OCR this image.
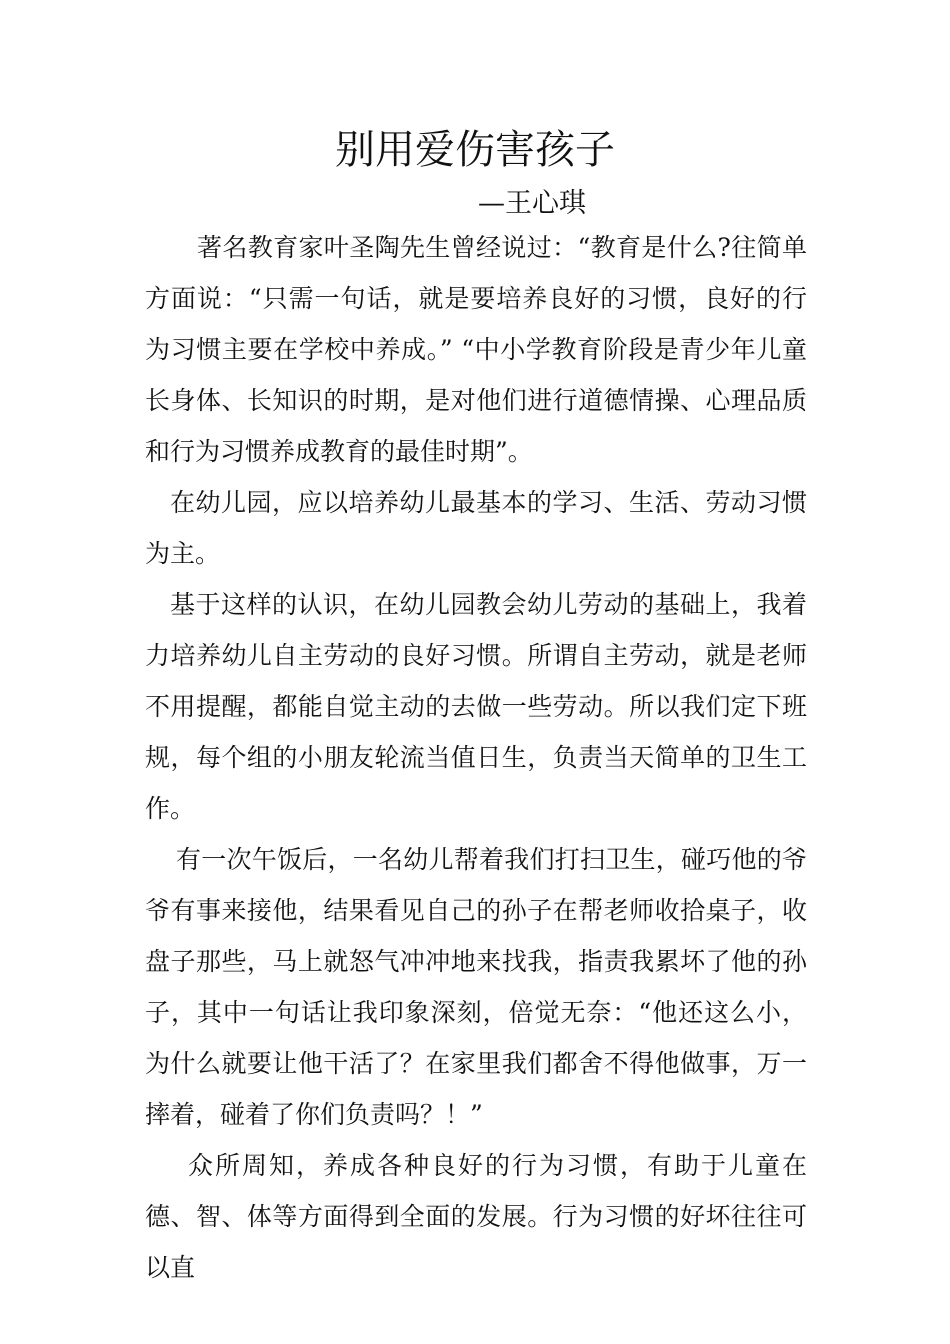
别用爱伤害孩子
—王心琪

著名教育家叶圣陶先生曾经说过：“教育是什么?往简单方面说：“只需一句话，就是要培养良好的习惯，良好的行为习惯主要在学校中养成。” “中小学教育阶段是青少年儿童长身体、长知识的时期，是对他们进行道德情操、心理品质和行为习惯养成教育的最佳时期”。

在幼儿园，应以培养幼儿最基本的学习、生活、劳动习惯为主。

基于这样的认识，在幼儿园教会幼儿劳动的基础上，我着力培养幼儿自主劳动的良好习惯。所谓自主劳动，就是老师不用提醒，都能自觉主动的去做一些劳动。所以我们定下班规，每个组的小朋友轮流当值日生，负责当天简单的卫生工作。

有一次午饭后，一名幼儿帮着我们打扫卫生，碰巧他的爷爷有事来接他，结果看见自己的孙子在帮老师收拾桌子，收盘子那些，马上就怒气冲冲地来找我，指责我累坏了他的孙子，其中一句话让我印象深刻，倍觉无奈：“他还这么小，为什么就要让他干活了？在家里我们都舍不得他做事，万一摔着，碰着了你们负责吗？！”

众所周知，养成各种良好的行为习惯，有助于儿童在德、智、体等方面得到全面的发展。行为习惯的好坏往往可以直
